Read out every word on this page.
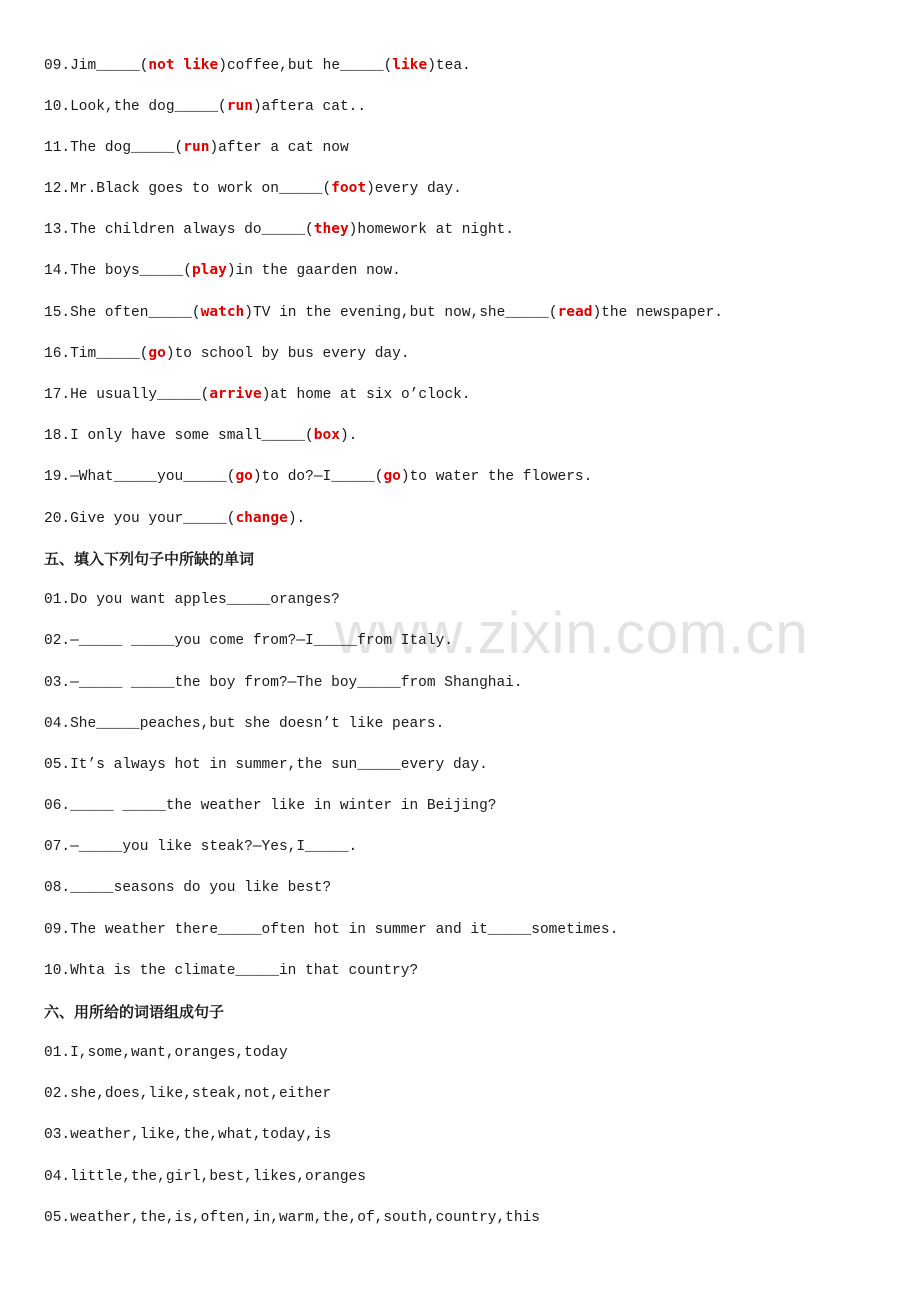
www.zixin.com.cn
09.Jim_____(not like)coffee,but he_____(like)tea.
10.Look,the dog_____(run)aftera cat..
11.The dog_____(run)after a cat now
12.Mr.Black goes to work on_____(foot)every day.
13.The children always do_____(they)homework at night.
14.The boys_____(play)in the gaarden now.
15.She often_____(watch)TV in the evening,but now,she_____(read)the newspaper.
16.Tim_____(go)to school by bus every day.
17.He usually_____(arrive)at home at six o’clock.
18.I only have some small_____(box).
19.—What_____you_____(go)to do?—I_____(go)to water the flowers.
20.Give you your_____(change).
五、填入下列句子中所缺的单词
01.Do you want apples_____oranges?
02.—_____ _____you come from?—I_____from Italy.
03.—_____ _____the boy from?—The boy_____from Shanghai.
04.She_____peaches,but she doesn’t like pears.
05.It’s always hot in summer,the sun_____every day.
06._____ _____the weather like in winter in Beijing?
07.—_____you like steak?—Yes,I_____.
08._____seasons do you like best?
09.The weather there_____often hot in summer and it_____sometimes.
10.Whta is the climate_____in that country?
六、用所给的词语组成句子
01.I,some,want,oranges,today
02.she,does,like,steak,not,either
03.weather,like,the,what,today,is
04.little,the,girl,best,likes,oranges
05.weather,the,is,often,in,warm,the,of,south,country,this
